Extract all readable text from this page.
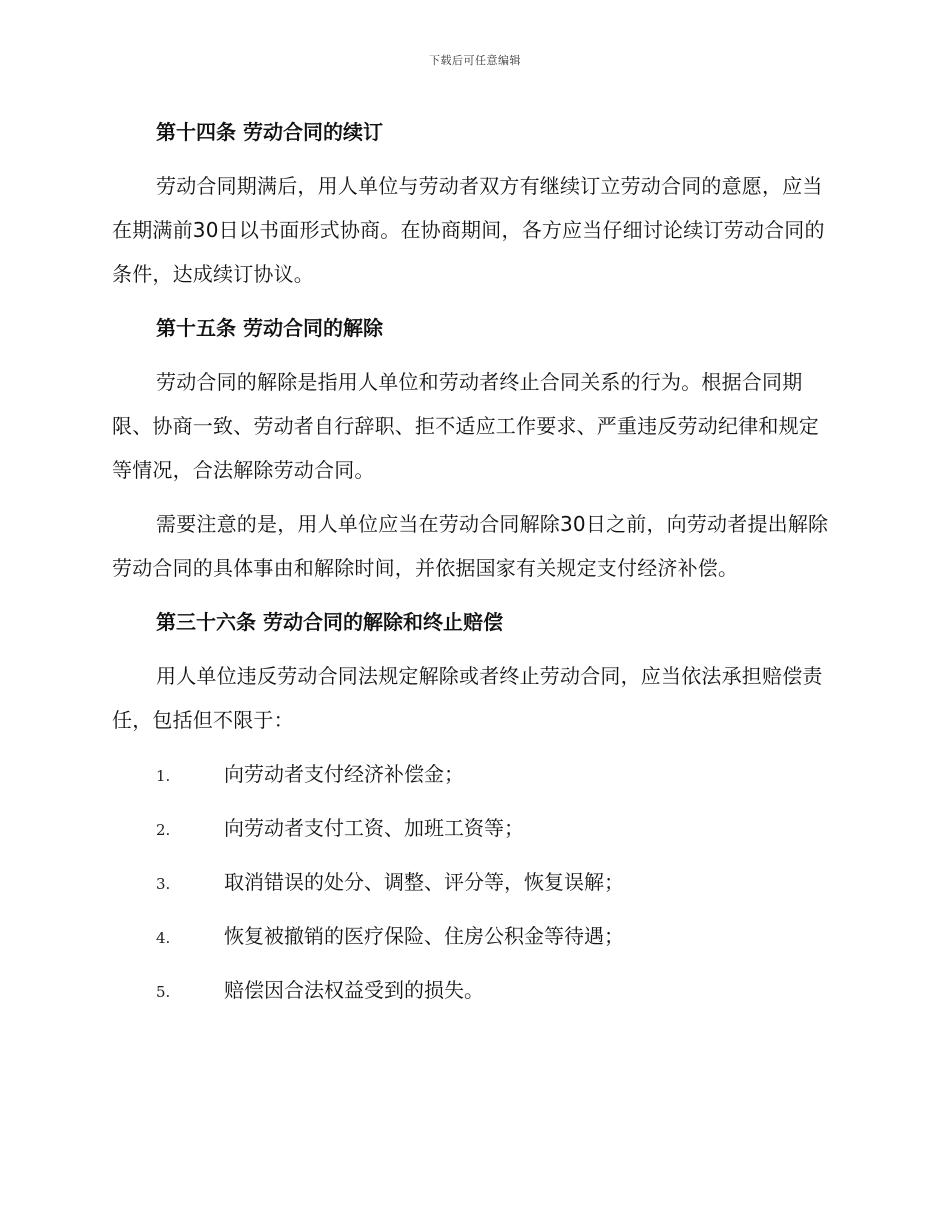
下载后可任意编辑

第十四条 劳动合同的续订

劳动合同期满后，用人单位与劳动者双方有继续订立劳动合同的意愿，应当在期满前30日以书面形式协商。在协商期间，各方应当仔细讨论续订劳动合同的条件，达成续订协议。

第十五条 劳动合同的解除

劳动合同的解除是指用人单位和劳动者终止合同关系的行为。根据合同期限、协商一致、劳动者自行辞职、拒不适应工作要求、严重违反劳动纪律和规定等情况，合法解除劳动合同。

需要注意的是，用人单位应当在劳动合同解除30日之前，向劳动者提出解除劳动合同的具体事由和解除时间，并依据国家有关规定支付经济补偿。

第三十六条 劳动合同的解除和终止赔偿

用人单位违反劳动合同法规定解除或者终止劳动合同，应当依法承担赔偿责任，包括但不限于：

1.	向劳动者支付经济补偿金；
2.	向劳动者支付工资、加班工资等；
3.	取消错误的处分、调整、评分等，恢复误解；
4.	恢复被撤销的医疗保险、住房公积金等待遇；
5.	赔偿因合法权益受到的损失。
